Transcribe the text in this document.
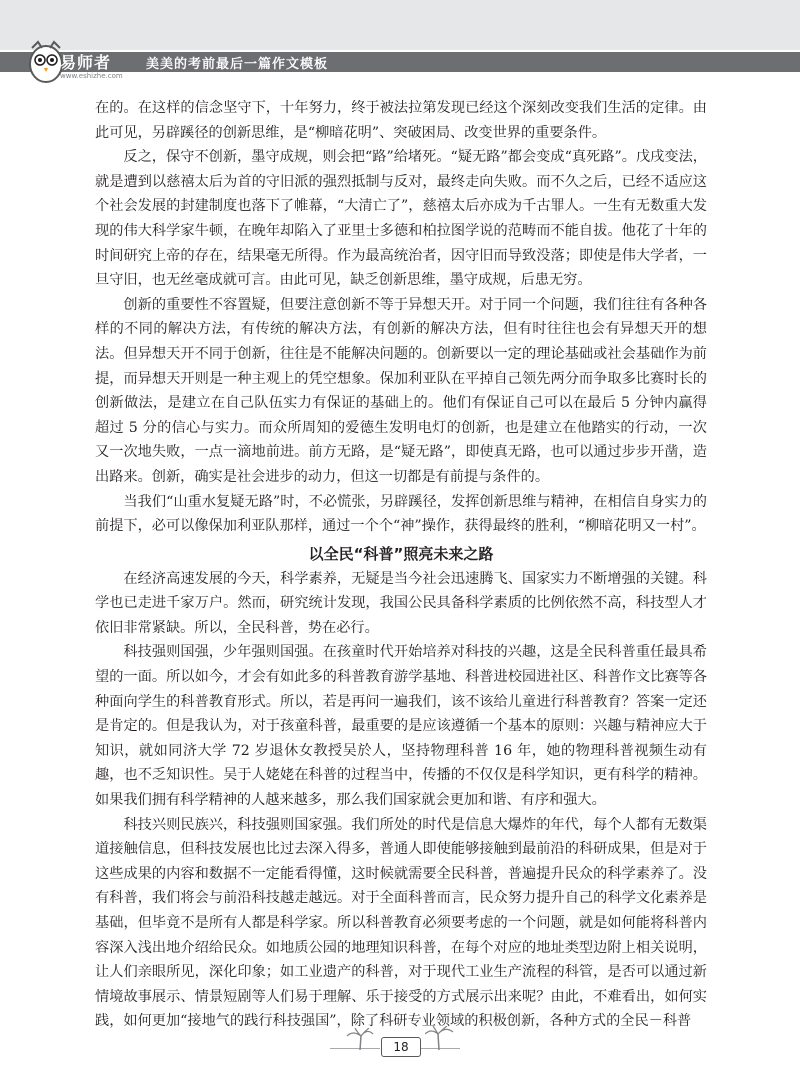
易师者
www.eshizhe.com
美美的考前最后一篇作文模板

在的。在这样的信念坚守下，十年努力，终于被法拉第发现已经这个深刻改变我们生活的定律。由此可见，另辟蹊径的创新思维，是“柳暗花明”、突破困局、改变世界的重要条件。

反之，保守不创新，墨守成规，则会把“路”给堵死。“疑无路”都会变成“真死路”。戊戌变法，就是遭到以慈禧太后为首的守旧派的强烈抵制与反对，最终走向失败。而不久之后，已经不适应这个社会发展的封建制度也落下了帷幕，“大清亡了”，慈禧太后亦成为千古罪人。一生有无数重大发现的伟大科学家牛顿，在晚年却陷入了亚里士多德和柏拉图学说的范畴而不能自拔。他花了十年的时间研究上帝的存在，结果毫无所得。作为最高统治者，因守旧而导致没落；即使是伟大学者，一旦守旧，也无丝毫成就可言。由此可见，缺乏创新思维，墨守成规，后患无穷。

创新的重要性不容置疑，但要注意创新不等于异想天开。对于同一个问题，我们往往有各种各样的不同的解决方法，有传统的解决方法，有创新的解决方法，但有时往往也会有异想天开的想法。但异想天开不同于创新，往往是不能解决问题的。创新要以一定的理论基础或社会基础作为前提，而异想天开则是一种主观上的凭空想象。保加利亚队在平掉自己领先两分而争取多比赛时长的创新做法，是建立在自己队伍实力有保证的基础上的。他们有保证自己可以在最后 5 分钟内赢得超过 5 分的信心与实力。而众所周知的爱德生发明电灯的创新，也是建立在他踏实的行动，一次又一次地失败，一点一滴地前进。前方无路，是“疑无路”，即使真无路，也可以通过步步开凿，造出路来。创新，确实是社会进步的动力，但这一切都是有前提与条件的。

当我们“山重水复疑无路”时，不必慌张，另辟蹊径，发挥创新思维与精神，在相信自身实力的前提下，必可以像保加利亚队那样，通过一个个“神”操作，获得最终的胜利，“柳暗花明又一村”。

以全民“科普”照亮未来之路

在经济高速发展的今天，科学素养，无疑是当今社会迅速腾飞、国家实力不断增强的关键。科学也已走进千家万户。然而，研究统计发现，我国公民具备科学素质的比例依然不高，科技型人才依旧非常紧缺。所以，全民科普，势在必行。

科技强则国强，少年强则国强。在孩童时代开始培养对科技的兴趣，这是全民科普重任最具希望的一面。所以如今，才会有如此多的科普教育游学基地、科普进校园进社区、科普作文比赛等各种面向学生的科普教育形式。所以，若是再问一遍我们，该不该给儿童进行科普教育？答案一定还是肯定的。但是我认为，对于孩童科普，最重要的是应该遵循一个基本的原则：兴趣与精神应大于知识，就如同济大学 72 岁退休女教授吴於人，坚持物理科普 16 年，她的物理科普视频生动有趣，也不乏知识性。吴于人姥姥在科普的过程当中，传播的不仅仅是科学知识，更有科学的精神。如果我们拥有科学精神的人越来越多，那么我们国家就会更加和谐、有序和强大。

科技兴则民族兴，科技强则国家强。我们所处的时代是信息大爆炸的年代，每个人都有无数渠道接触信息，但科技发展也比过去深入得多，普通人即使能够接触到最前沿的科研成果，但是对于这些成果的内容和数据不一定能看得懂，这时候就需要全民科普，普遍提升民众的科学素养了。没有科普，我们将会与前沿科技越走越远。对于全面科普而言，民众努力提升自己的科学文化素养是基础，但毕竟不是所有人都是科学家。所以科普教育必须要考虑的一个问题，就是如何能将科普内容深入浅出地介绍给民众。如地质公园的地理知识科普，在每个对应的地址类型边附上相关说明，让人们亲眼所见，深化印象；如工业遗产的科普，对于现代工业生产流程的科管，是否可以通过新情境故事展示、情景短剧等人们易于理解、乐于接受的方式展示出来呢？由此，不难看出，如何实践，如何更加“接地气的践行科技强国”，除了科研专业领域的积极创新，各种方式的全民－科普

18
